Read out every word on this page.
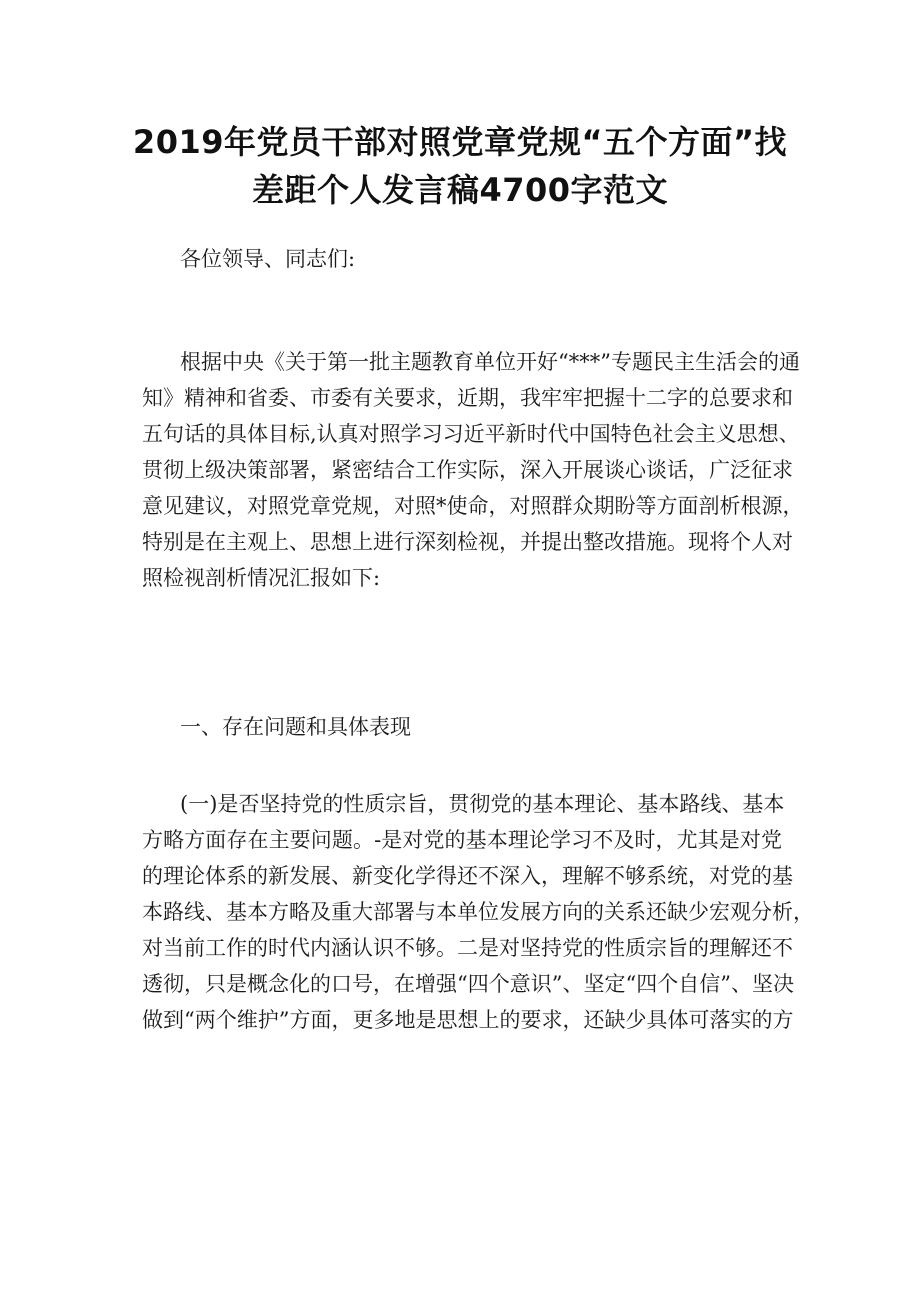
2019年党员干部对照党章党规“五个方面”找
差距个人发言稿4700字范文

各位领导、同志们:

根据中央《关于第一批主题教育单位开好“***”专题民主生活会的通
知》精神和省委、市委有关要求，近期，我牢牢把握十二字的总要求和
五句话的具体目标,认真对照学习习近平新时代中国特色社会主义思想、
贯彻上级决策部署，紧密结合工作实际，深入开展谈心谈话，广泛征求
意见建议，对照党章党规，对照*使命，对照群众期盼等方面剖析根源，
特别是在主观上、思想上进行深刻检视，并提出整改措施。现将个人对
照检视剖析情况汇报如下:

一、存在问题和具体表现

(一)是否坚持党的性质宗旨，贯彻党的基本理论、基本路线、基本
方略方面存在主要问题。-是对党的基本理论学习不及时，尤其是对党
的理论体系的新发展、新变化学得还不深入，理解不够系统，对党的基
本路线、基本方略及重大部署与本单位发展方向的关系还缺少宏观分析，
对当前工作的时代内涵认识不够。二是对坚持党的性质宗旨的理解还不
透彻，只是概念化的口号，在增强“四个意识”、坚定“四个自信”、坚决
做到“两个维护”方面，更多地是思想上的要求，还缺少具体可落实的方
